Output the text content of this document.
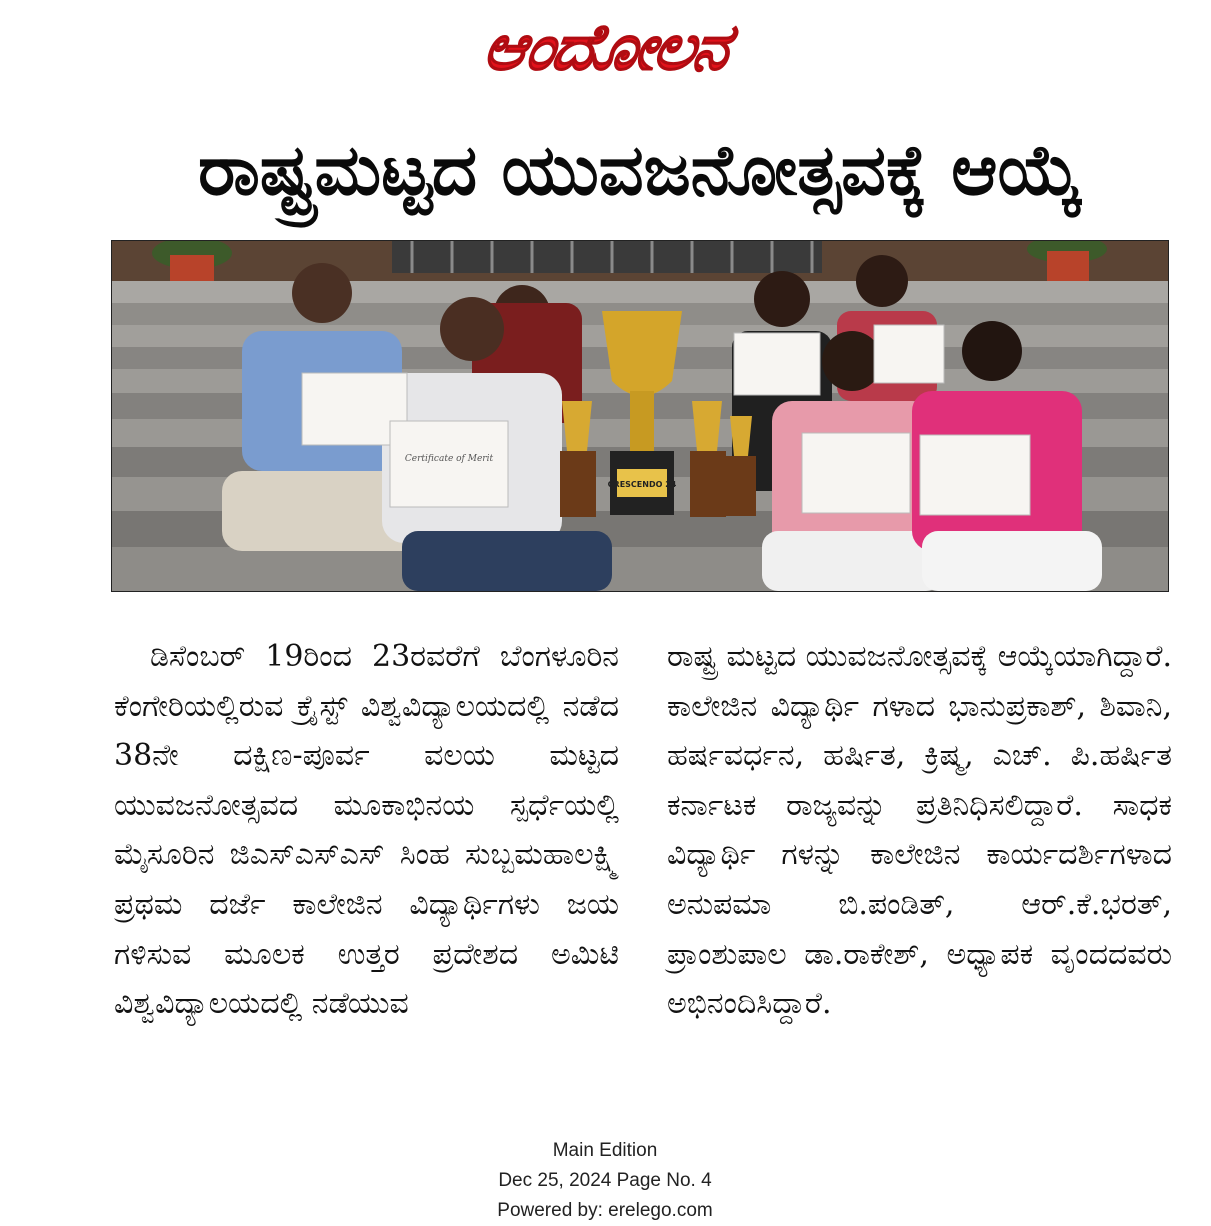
ಆಂದೋಲನ
ರಾಷ್ಟ್ರಮಟ್ಟದ ಯುವಜನೋತ್ಸವಕ್ಕೆ ಆಯ್ಕೆ
CRESCENDO 24
Certificate of Merit

ಡಿಸೆಂಬರ್ 19ರಿಂದ 23ರವರೆಗೆ ಬೆಂಗಳೂರಿನ ಕೆಂಗೇರಿಯಲ್ಲಿರುವ ಕ್ರೈಸ್ಟ್ ವಿಶ್ವವಿದ್ಯಾಲಯದಲ್ಲಿ ನಡೆದ 38ನೇ ದಕ್ಷಿಣ-ಪೂರ್ವ ವಲಯ ಮಟ್ಟದ ಯುವಜನೋತ್ಸವದ ಮೂಕಾಭಿನಯ ಸ್ಪರ್ಧೆಯಲ್ಲಿ ಮೈಸೂರಿನ ಜಿಎಸ್‌ಎಸ್‌ಎಸ್ ಸಿಂಹ ಸುಬ್ಬಮಹಾಲಕ್ಷ್ಮಿ ಪ್ರಥಮ ದರ್ಜೆ ಕಾಲೇಜಿನ ವಿದ್ಯಾರ್ಥಿಗಳು ಜಯ ಗಳಿಸುವ ಮೂಲಕ ಉತ್ತರ ಪ್ರದೇಶದ ಅಮಿಟಿ ವಿಶ್ವವಿದ್ಯಾಲಯದಲ್ಲಿ ನಡೆಯುವ

ರಾಷ್ಟ್ರ ಮಟ್ಟದ ಯುವಜನೋತ್ಸವಕ್ಕೆ ಆಯ್ಕೆಯಾಗಿದ್ದಾರೆ. ಕಾಲೇಜಿನ ವಿದ್ಯಾರ್ಥಿ ಗಳಾದ ಭಾನುಪ್ರಕಾಶ್, ಶಿವಾನಿ, ಹರ್ಷವರ್ಧನ, ಹರ್ಷಿತ, ಕ್ರಿಷ್ಮ, ಎಚ್. ಪಿ.ಹರ್ಷಿತ ಕರ್ನಾಟಕ ರಾಜ್ಯವನ್ನು ಪ್ರತಿನಿಧಿಸಲಿದ್ದಾರೆ. ಸಾಧಕ ವಿದ್ಯಾರ್ಥಿ ಗಳನ್ನು ಕಾಲೇಜಿನ ಕಾರ್ಯದರ್ಶಿಗಳಾದ ಅನುಪಮಾ ಬಿ.ಪಂಡಿತ್, ಆರ್.ಕೆ.ಭರತ್, ಪ್ರಾಂಶುಪಾಲ ಡಾ.ರಾಕೇಶ್, ಅಧ್ಯಾಪಕ ವೃಂದದವರು ಅಭಿನಂದಿಸಿದ್ದಾರೆ.

Main Edition
Dec 25, 2024 Page No. 4
Powered by: erelego.com
